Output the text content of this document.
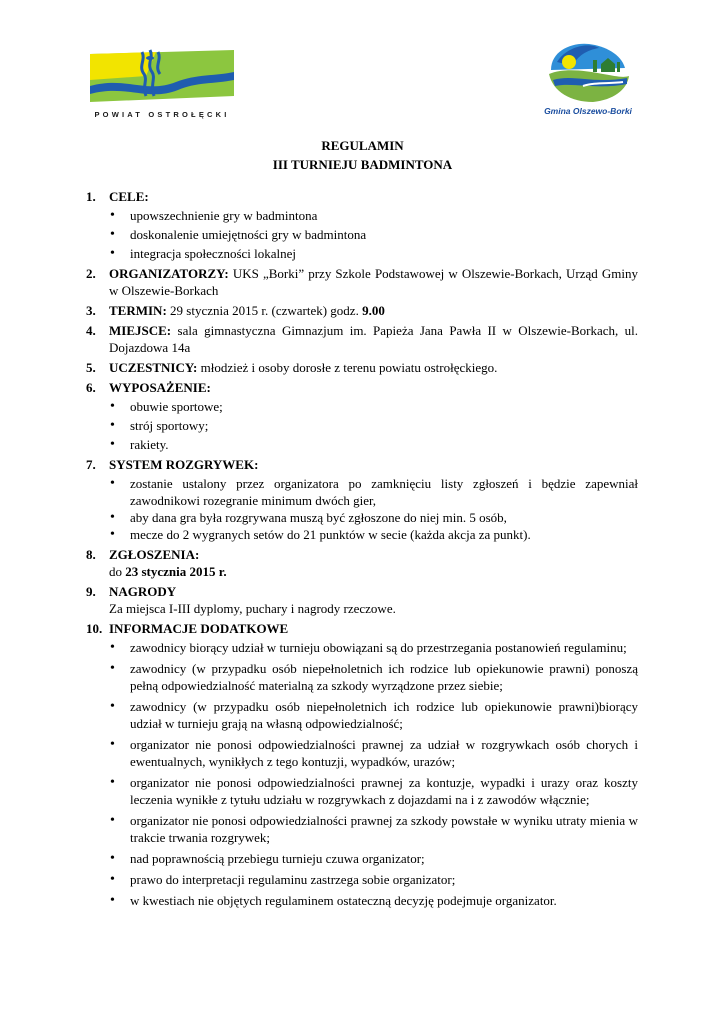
POWIAT OSTROŁĘCKI	Gmina Olszewo-Borki
REGULAMIN
III TURNIEJU BADMINTONA
1. CELE:
• upowszechnienie gry w badmintona
• doskonalenie umiejętności gry w badmintona
• integracja społeczności lokalnej
2. ORGANIZATORZY: UKS „Borki” przy Szkole Podstawowej w Olszewie-Borkach, Urząd Gminy w Olszewie-Borkach
3. TERMIN: 29 stycznia 2015 r. (czwartek) godz. 9.00
4. MIEJSCE: sala gimnastyczna Gimnazjum im. Papieża Jana Pawła II w Olszewie-Borkach, ul. Dojazdowa 14a
5. UCZESTNICY: młodzież i osoby dorosłe z terenu powiatu ostrołęckiego.
6. WYPOSAŻENIE:
• obuwie sportowe;
• strój sportowy;
• rakiety.
7. SYSTEM ROZGRYWEK:
• zostanie ustalony przez organizatora po zamknięciu listy zgłoszeń i będzie zapewniał zawodnikowi rozegranie minimum dwóch gier,
• aby dana gra była rozgrywana muszą być zgłoszone do niej min. 5 osób,
• mecze do 2 wygranych setów do 21 punktów w secie (każda akcja za punkt).
8. ZGŁOSZENIA:
do 23 stycznia 2015 r.
9. NAGRODY
Za miejsca I-III dyplomy, puchary i nagrody rzeczowe.
10. INFORMACJE DODATKOWE
• zawodnicy biorący udział w turnieju obowiązani są do przestrzegania postanowień regulaminu;
• zawodnicy (w przypadku osób niepełnoletnich ich rodzice lub opiekunowie prawni) ponoszą pełną odpowiedzialność materialną za szkody wyrządzone przez siebie;
• zawodnicy (w przypadku osób niepełnoletnich ich rodzice lub opiekunowie prawni)biorący udział w turnieju grają na własną odpowiedzialność;
• organizator nie ponosi odpowiedzialności prawnej za udział w rozgrywkach osób chorych i ewentualnych, wynikłych z tego kontuzji, wypadków, urazów;
• organizator nie ponosi odpowiedzialności prawnej za kontuzje, wypadki i urazy oraz koszty leczenia wynikłe z tytułu udziału w rozgrywkach z dojazdami na i z zawodów włącznie;
• organizator nie ponosi odpowiedzialności prawnej za szkody powstałe w wyniku utraty mienia w trakcie trwania rozgrywek;
• nad poprawnością przebiegu turnieju czuwa organizator;
• prawo do interpretacji regulaminu zastrzega sobie organizator;
• w kwestiach nie objętych regulaminem ostateczną decyzję podejmuje organizator.
